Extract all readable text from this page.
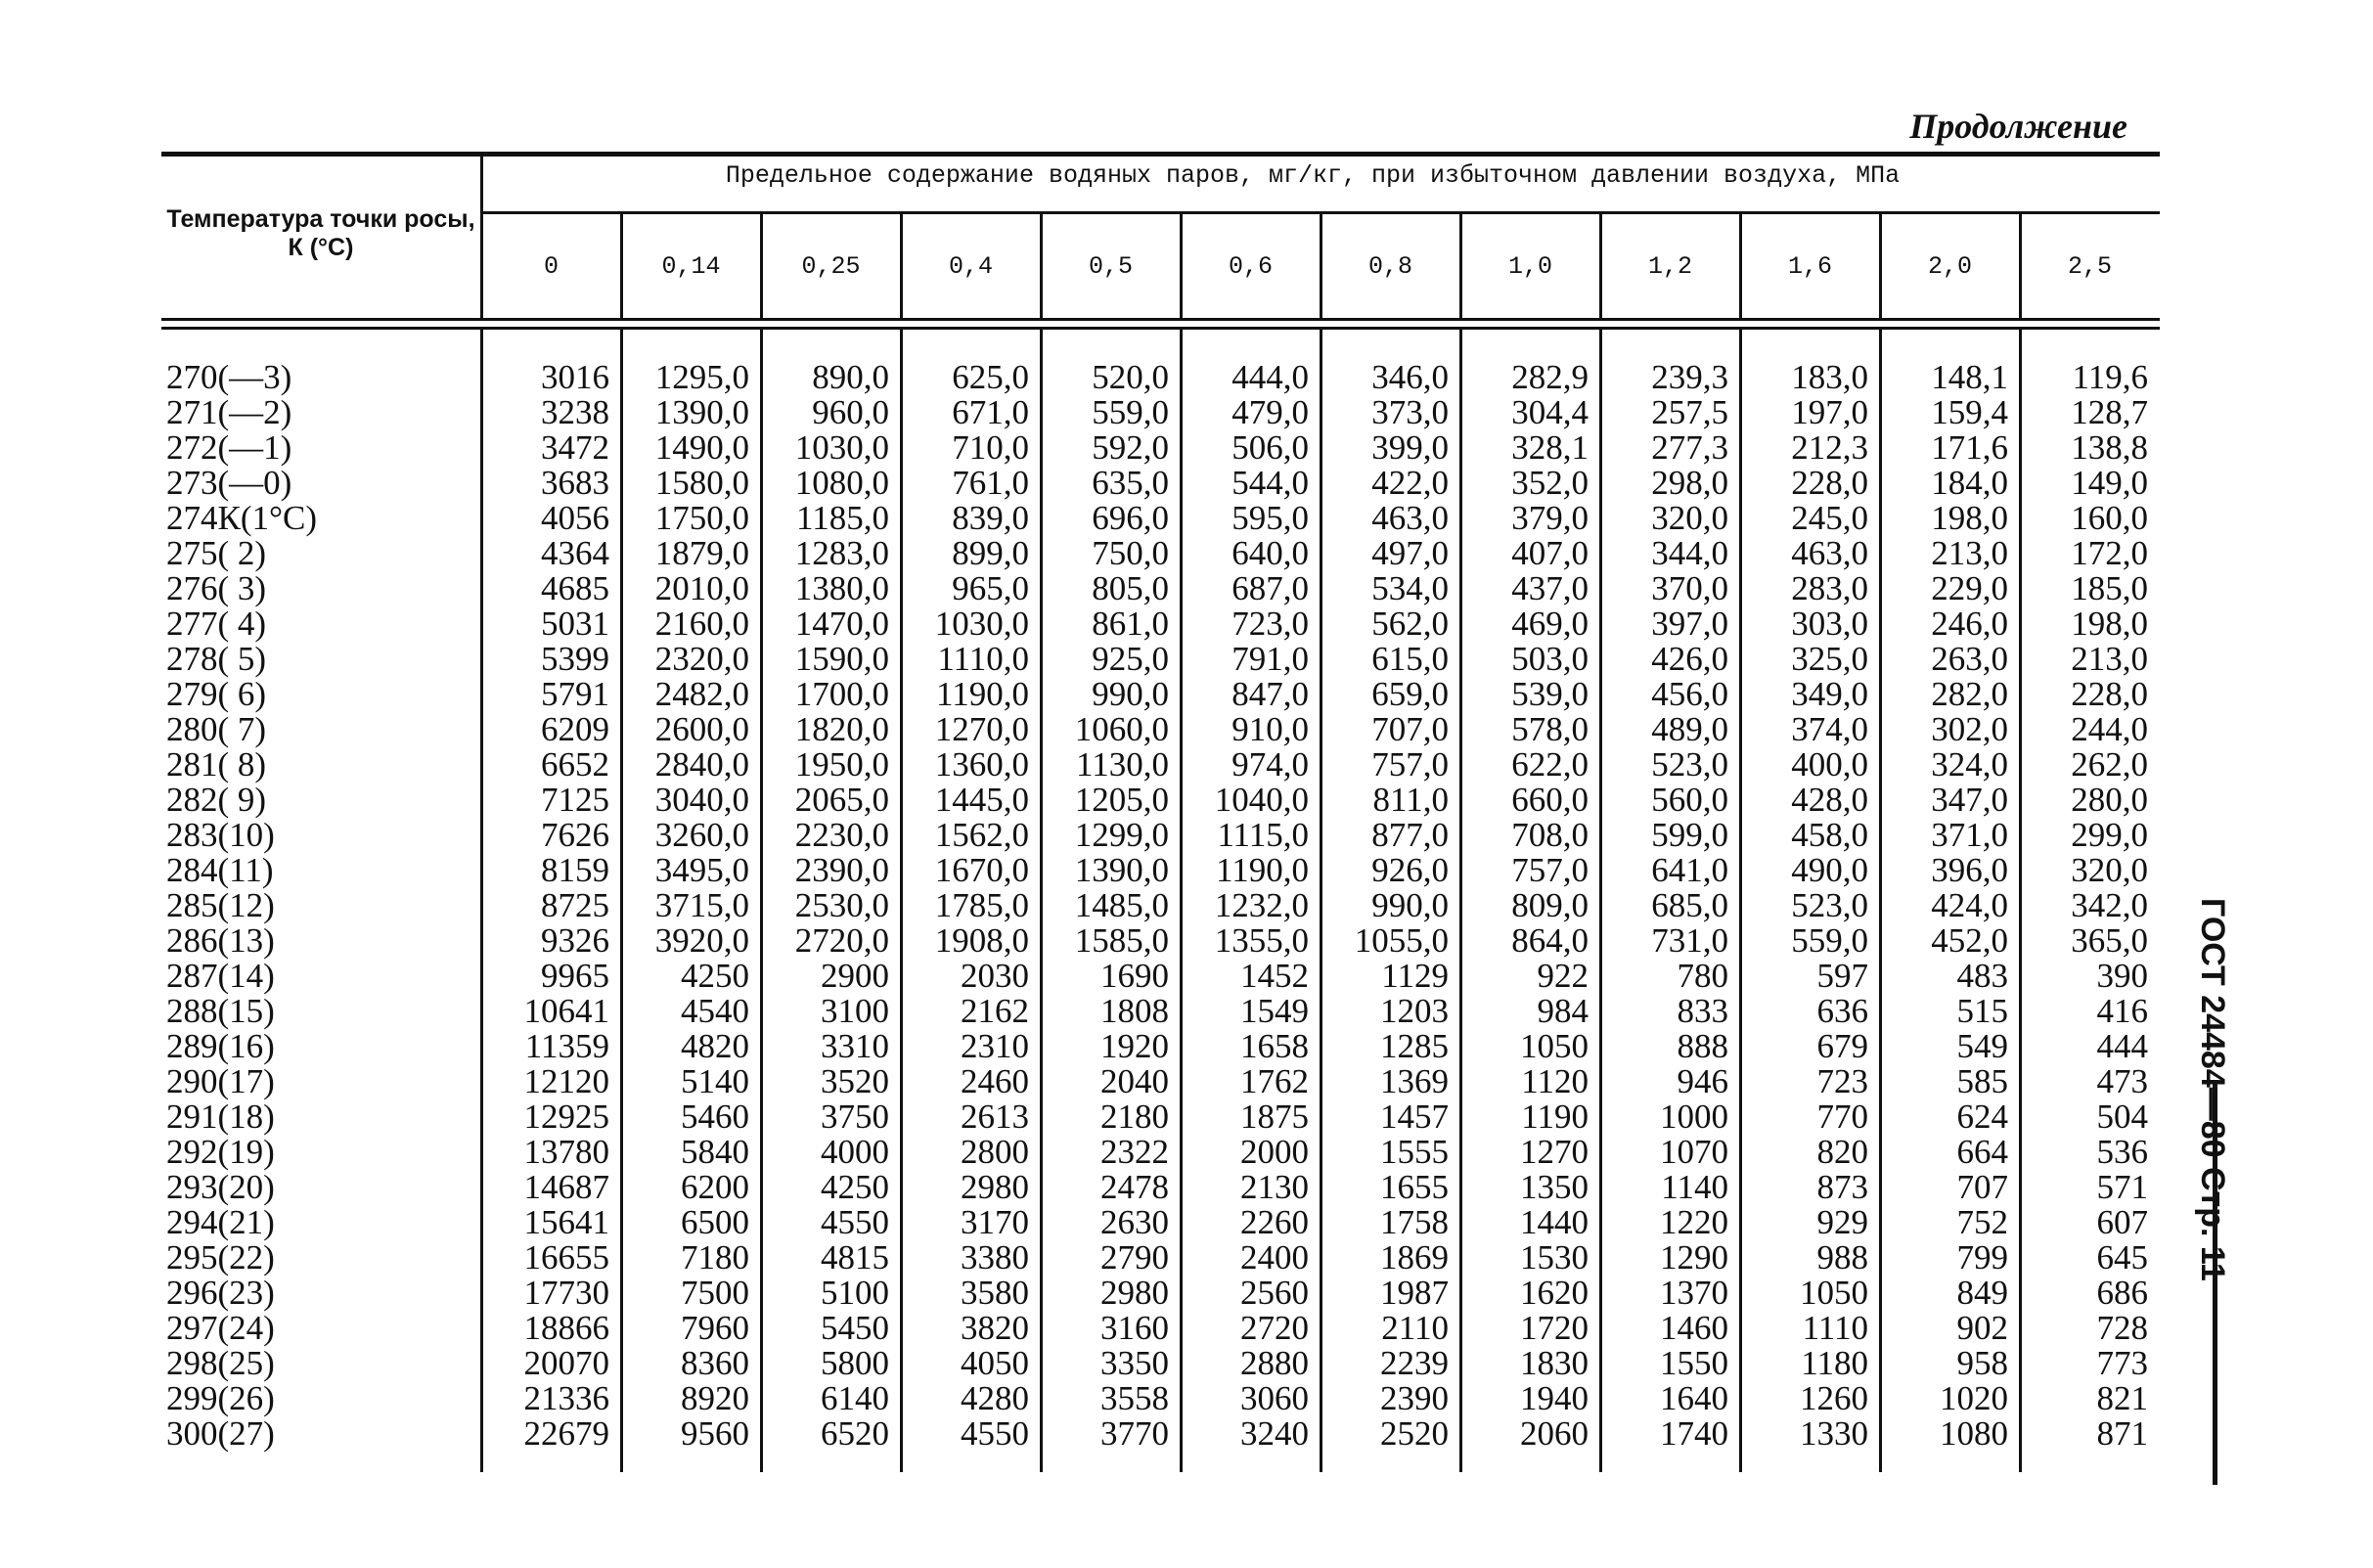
Продолжение
Температура точки росы, К (°С)
Предельное содержание водяных паров, мг/кг, при избыточном давлении воздуха, МПа
0	0,14	0,25	0,4	0,5	0,6	0,8	1,0	1,2	1,6	2,0	2,5
270(—3)	3016	1295,0	890,0	625,0	520,0	444,0	346,0	282,9	239,3	183,0	148,1	119,6
271(—2)	3238	1390,0	960,0	671,0	559,0	479,0	373,0	304,4	257,5	197,0	159,4	128,7
272(—1)	3472	1490,0	1030,0	710,0	592,0	506,0	399,0	328,1	277,3	212,3	171,6	138,8
273(—0)	3683	1580,0	1080,0	761,0	635,0	544,0	422,0	352,0	298,0	228,0	184,0	149,0
274К(1°С)	4056	1750,0	1185,0	839,0	696,0	595,0	463,0	379,0	320,0	245,0	198,0	160,0
275( 2)	4364	1879,0	1283,0	899,0	750,0	640,0	497,0	407,0	344,0	463,0	213,0	172,0
276( 3)	4685	2010,0	1380,0	965,0	805,0	687,0	534,0	437,0	370,0	283,0	229,0	185,0
277( 4)	5031	2160,0	1470,0	1030,0	861,0	723,0	562,0	469,0	397,0	303,0	246,0	198,0
278( 5)	5399	2320,0	1590,0	1110,0	925,0	791,0	615,0	503,0	426,0	325,0	263,0	213,0
279( 6)	5791	2482,0	1700,0	1190,0	990,0	847,0	659,0	539,0	456,0	349,0	282,0	228,0
280( 7)	6209	2600,0	1820,0	1270,0	1060,0	910,0	707,0	578,0	489,0	374,0	302,0	244,0
281( 8)	6652	2840,0	1950,0	1360,0	1130,0	974,0	757,0	622,0	523,0	400,0	324,0	262,0
282( 9)	7125	3040,0	2065,0	1445,0	1205,0	1040,0	811,0	660,0	560,0	428,0	347,0	280,0
283(10)	7626	3260,0	2230,0	1562,0	1299,0	1115,0	877,0	708,0	599,0	458,0	371,0	299,0
284(11)	8159	3495,0	2390,0	1670,0	1390,0	1190,0	926,0	757,0	641,0	490,0	396,0	320,0
285(12)	8725	3715,0	2530,0	1785,0	1485,0	1232,0	990,0	809,0	685,0	523,0	424,0	342,0
286(13)	9326	3920,0	2720,0	1908,0	1585,0	1355,0	1055,0	864,0	731,0	559,0	452,0	365,0
287(14)	9965	4250	2900	2030	1690	1452	1129	922	780	597	483	390
288(15)	10641	4540	3100	2162	1808	1549	1203	984	833	636	515	416
289(16)	11359	4820	3310	2310	1920	1658	1285	1050	888	679	549	444
290(17)	12120	5140	3520	2460	2040	1762	1369	1120	946	723	585	473
291(18)	12925	5460	3750	2613	2180	1875	1457	1190	1000	770	624	504
292(19)	13780	5840	4000	2800	2322	2000	1555	1270	1070	820	664	536
293(20)	14687	6200	4250	2980	2478	2130	1655	1350	1140	873	707	571
294(21)	15641	6500	4550	3170	2630	2260	1758	1440	1220	929	752	607
295(22)	16655	7180	4815	3380	2790	2400	1869	1530	1290	988	799	645
296(23)	17730	7500	5100	3580	2980	2560	1987	1620	1370	1050	849	686
297(24)	18866	7960	5450	3820	3160	2720	2110	1720	1460	1110	902	728
298(25)	20070	8360	5800	4050	3350	2880	2239	1830	1550	1180	958	773
299(26)	21336	8920	6140	4280	3558	3060	2390	1940	1640	1260	1020	821
300(27)	22679	9560	6520	4550	3770	3240	2520	2060	1740	1330	1080	871
ГОСТ 24484—80 Стр. 11
